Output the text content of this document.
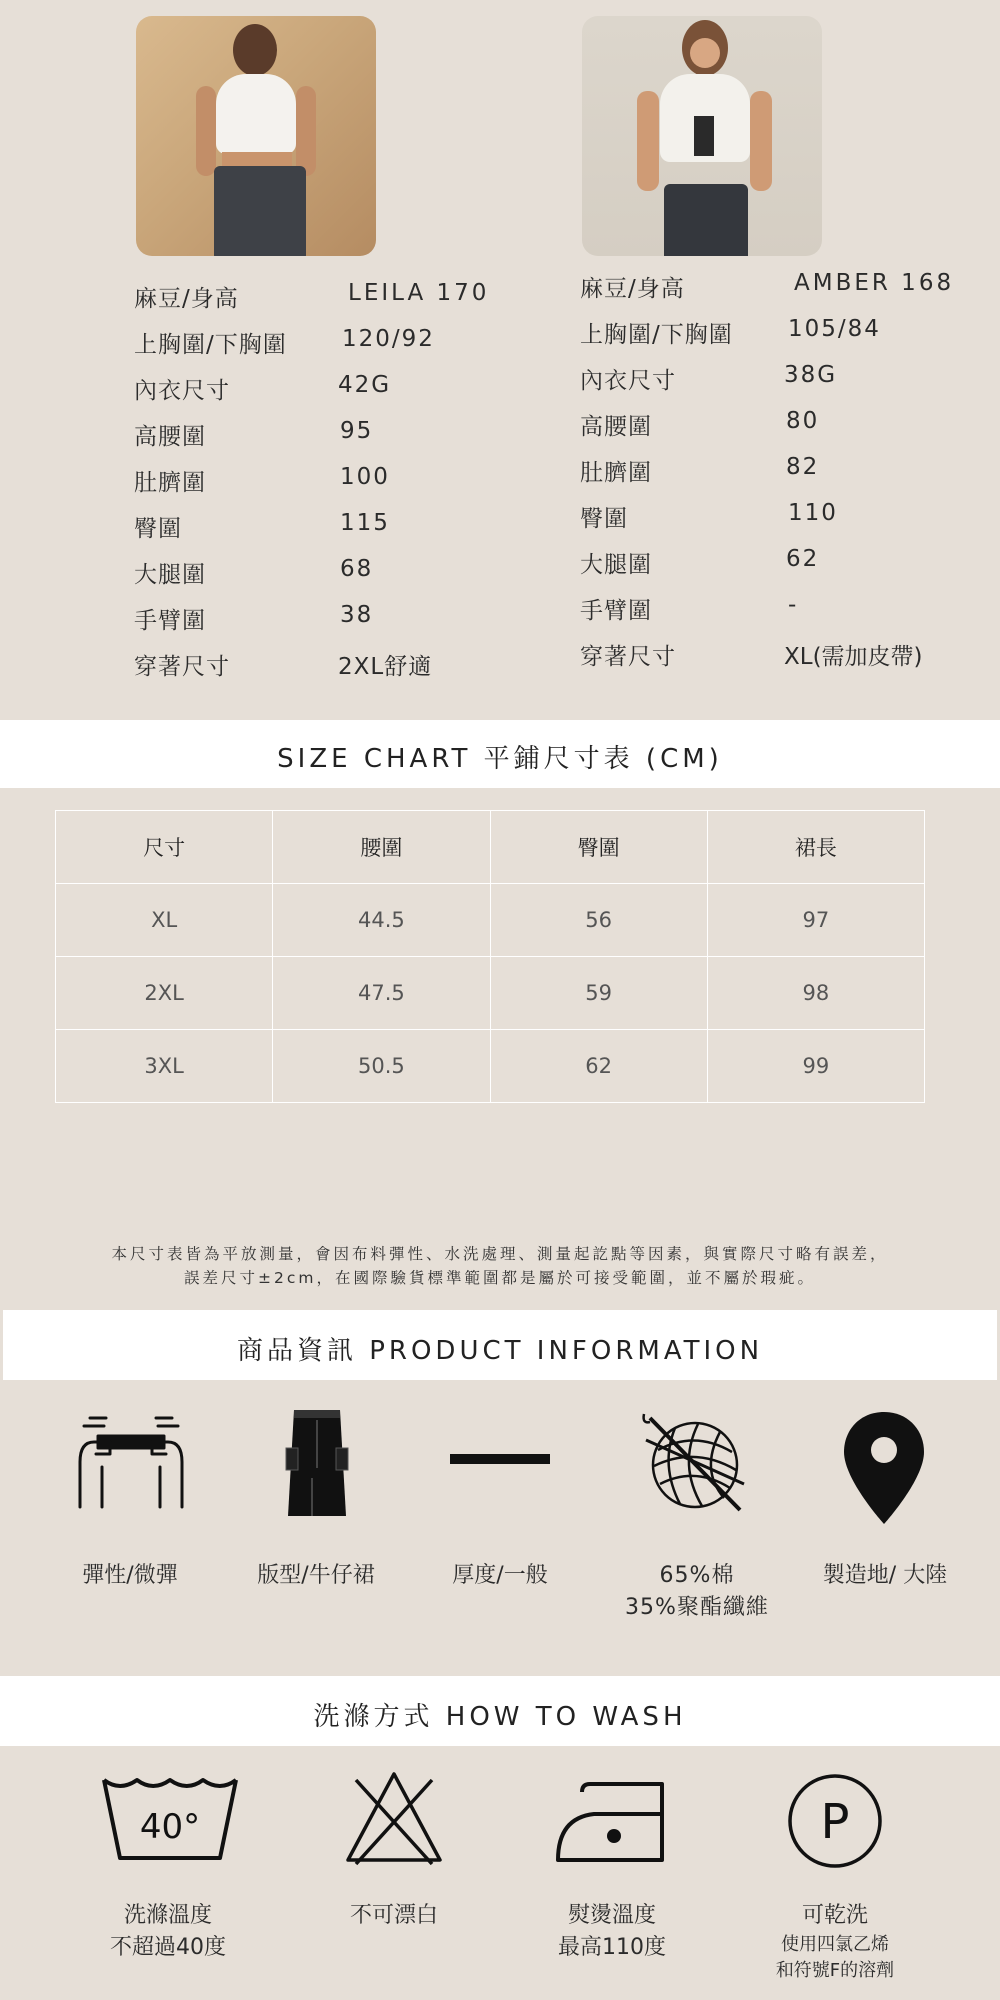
麻豆/身高	LEILA 170
上胸圍/下胸圍 120/92
內衣尺寸	42G
高腰圍	95
肚臍圍	100
臀圍	115
大腿圍	68
手臂圍	38
穿著尺寸	2XL舒適
麻豆/身高	AMBER 168
上胸圍/下胸圍 105/84
內衣尺寸	38G
高腰圍	80
肚臍圍	82
臀圍	110
大腿圍	62
手臂圍	-
穿著尺寸	XL(需加皮帶)
SIZE CHART 平鋪尺寸表 (CM)
尺寸	腰圍	臀圍	裙長
XL	44.5	56	97
2XL	47.5	59	98
3XL	50.5	62	99
本尺寸表皆為平放測量，會因布料彈性、水洗處理、測量起訖點等因素，與實際尺寸略有誤差，
誤差尺寸±2cm，在國際驗貨標準範圍都是屬於可接受範圍，並不屬於瑕疵。
商品資訊 PRODUCT INFORMATION
彈性/微彈	版型/牛仔裙	厚度/一般	65%棉
35%聚酯纖維
製造地/ 大陸
洗滌方式 HOW TO WASH
40°	P
洗滌溫度
不超過40度
不可漂白	熨燙溫度
最高110度
可乾洗
使用四氯乙烯
和符號F的溶劑
